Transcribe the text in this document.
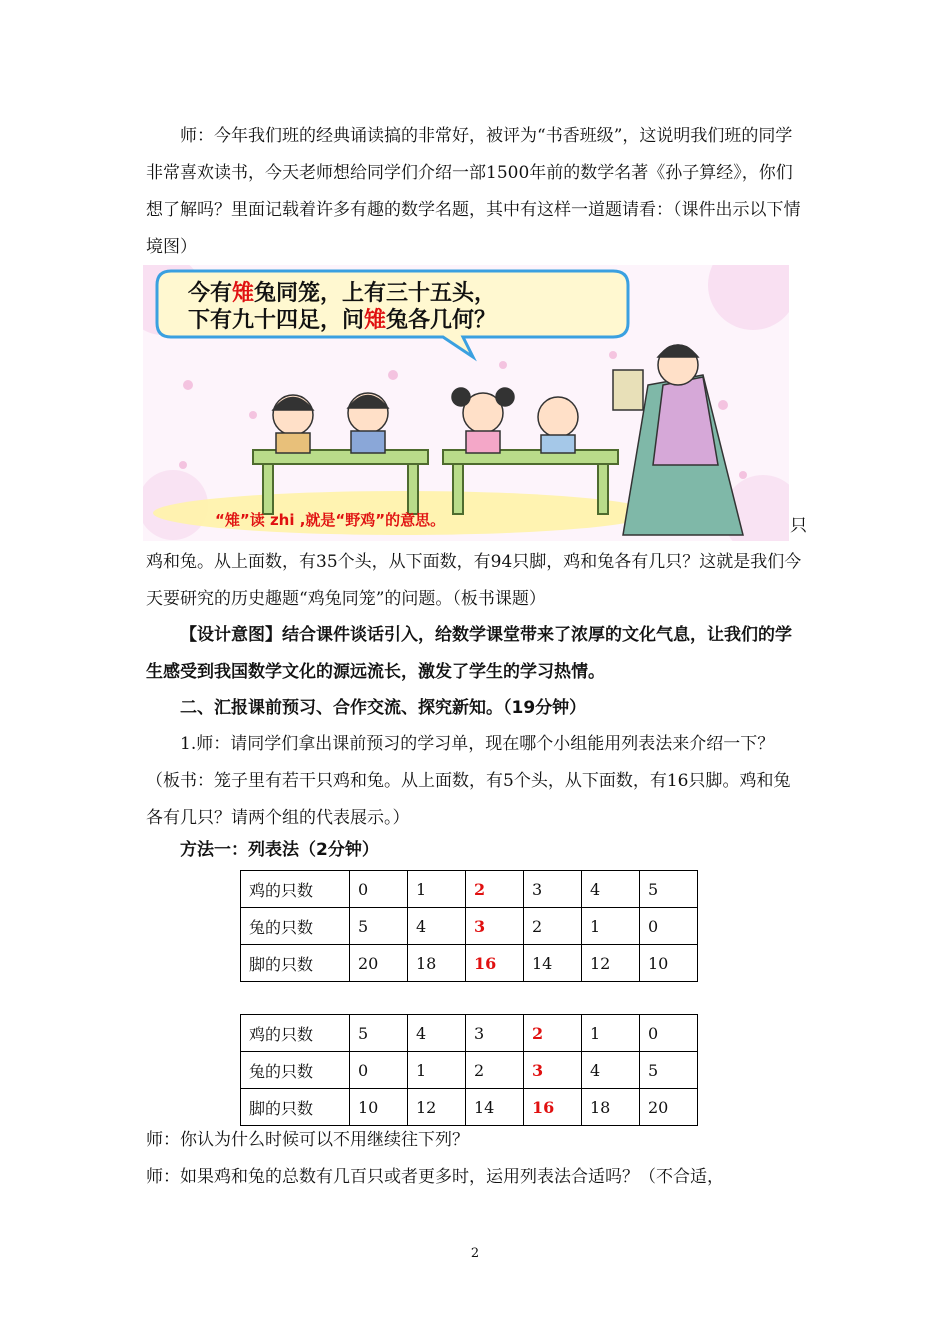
师：今年我们班的经典诵读搞的非常好，被评为“书香班级”，这说明我们班的同学非常喜欢读书，今天老师想给同学们介绍一部1500年前的数学名著《孙子算经》，你们想了解吗？里面记载着许多有趣的数学名题，其中有这样一道题请看：（课件出示以下情境图）

今有雉兔同笼，上有三十五头，
下有九十四足，问雉兔各几何？
“雉”读 zhi ,就是“野鸡”的意思。	只

鸡和兔。从上面数，有35个头，从下面数，有94只脚，鸡和兔各有几只？这就是我们今天要研究的历史趣题“鸡兔同笼”的问题。（板书课题）

【设计意图】结合课件谈话引入，给数学课堂带来了浓厚的文化气息，让我们的学生感受到我国数学文化的源远流长，激发了学生的学习热情。

二、汇报课前预习、合作交流、探究新知。（19分钟）

1.师：请同学们拿出课前预习的学习单，现在哪个小组能用列表法来介绍一下？（板书：笼子里有若干只鸡和兔。从上面数，有5个头，从下面数，有16只脚。鸡和兔各有几只？请两个组的代表展示。）

方法一：列表法（2分钟）

鸡的只数	0	1	2	3	4	5
兔的只数	5	4	3	2	1	0
脚的只数	20	18	16	14	12	10
鸡的只数	5	4	3	2	1	0
兔的只数	0	1	2	3	4	5
脚的只数	10	12	14	16	18	20

师：你认为什么时候可以不用继续往下列？

师：如果鸡和兔的总数有几百只或者更多时，运用列表法合适吗？（不合适，

2
